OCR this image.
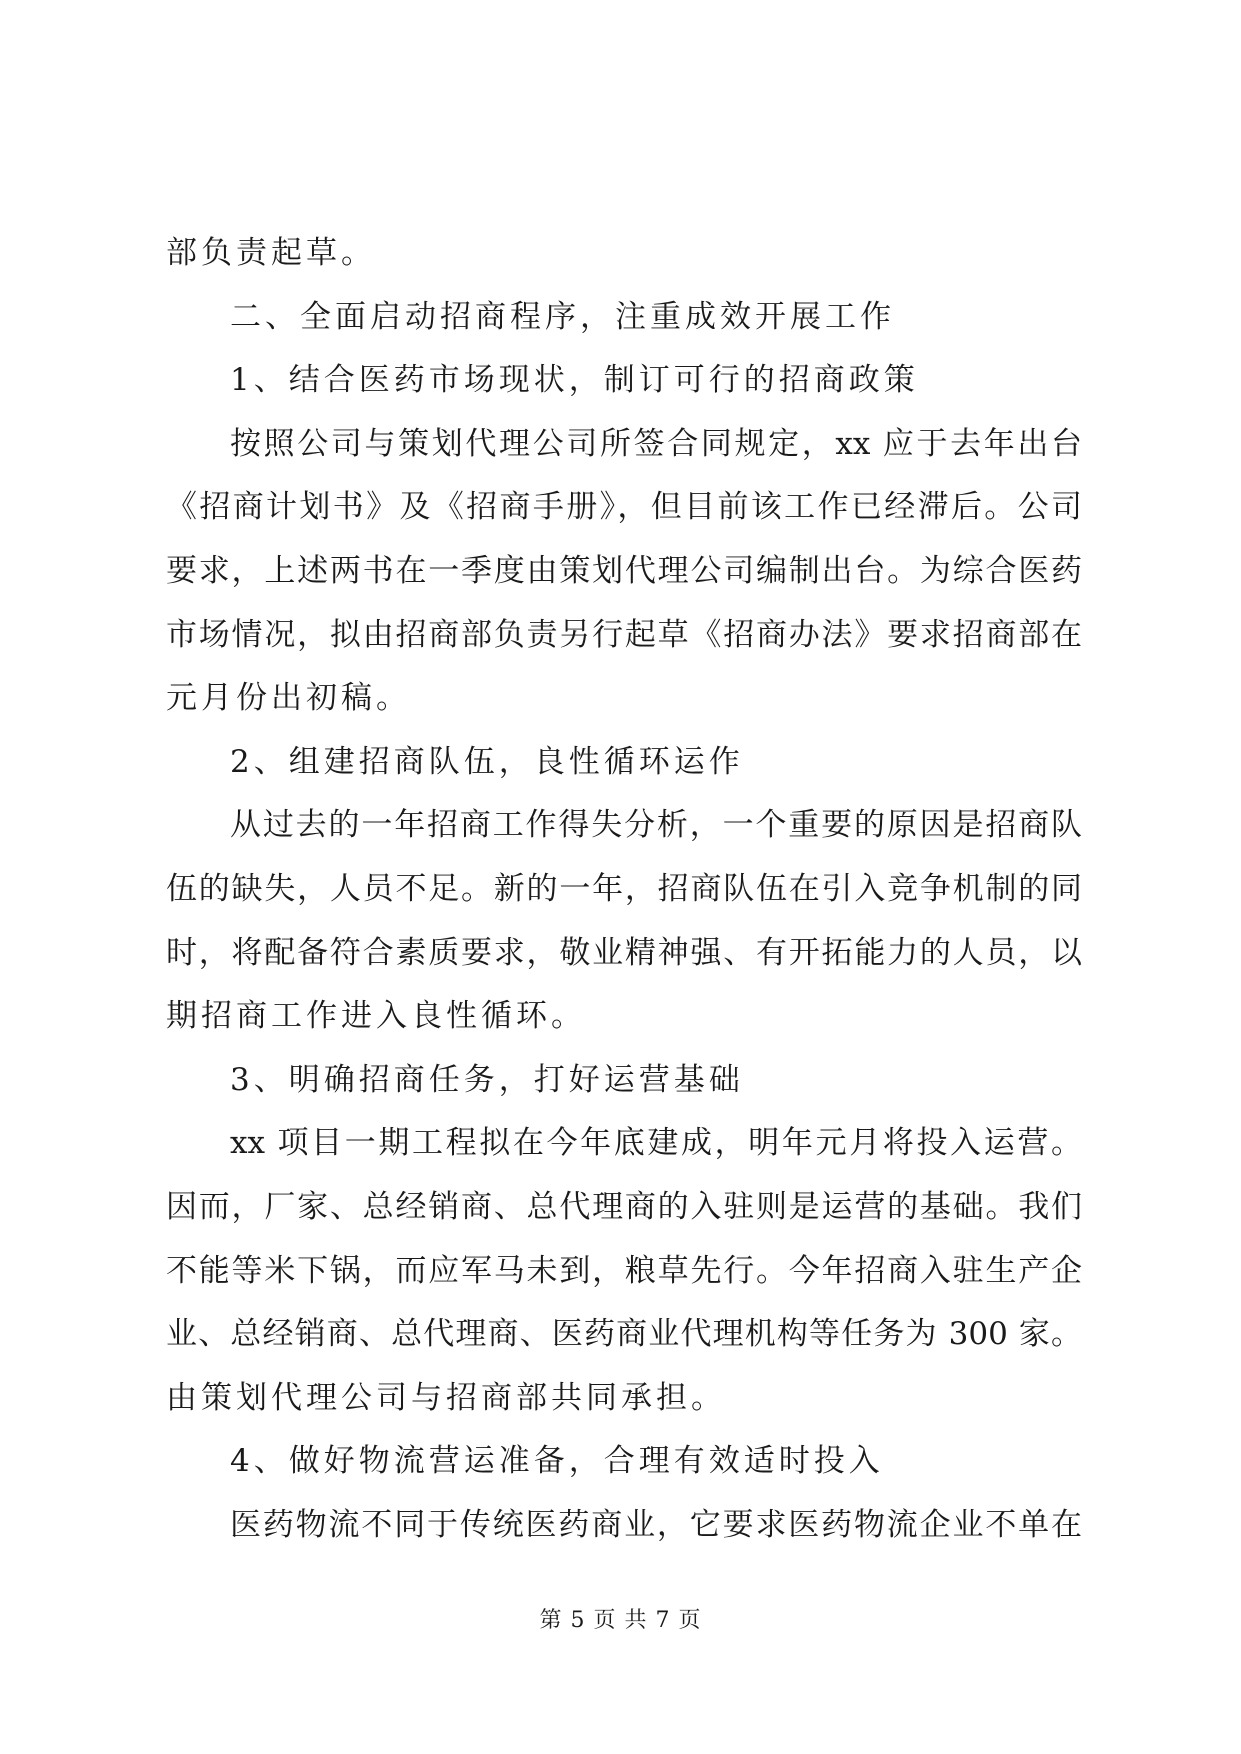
部负责起草。
二、全面启动招商程序，注重成效开展工作
1、结合医药市场现状，制订可行的招商政策
按照公司与策划代理公司所签合同规定，xx 应于去年出台
《招商计划书》及《招商手册》，但目前该工作已经滞后。公司
要求，上述两书在一季度由策划代理公司编制出台。为综合医药
市场情况，拟由招商部负责另行起草《招商办法》要求招商部在
元月份出初稿。
2、组建招商队伍，良性循环运作
从过去的一年招商工作得失分析，一个重要的原因是招商队
伍的缺失，人员不足。新的一年，招商队伍在引入竞争机制的同
时，将配备符合素质要求，敬业精神强、有开拓能力的人员，以
期招商工作进入良性循环。
3、明确招商任务，打好运营基础
xx 项目一期工程拟在今年底建成，明年元月将投入运营。
因而，厂家、总经销商、总代理商的入驻则是运营的基础。我们
不能等米下锅，而应军马未到，粮草先行。今年招商入驻生产企
业、总经销商、总代理商、医药商业代理机构等任务为 300 家。
由策划代理公司与招商部共同承担。
4、做好物流营运准备，合理有效适时投入
医药物流不同于传统医药商业，它要求医药物流企业不单在
第 5 页 共 7 页
